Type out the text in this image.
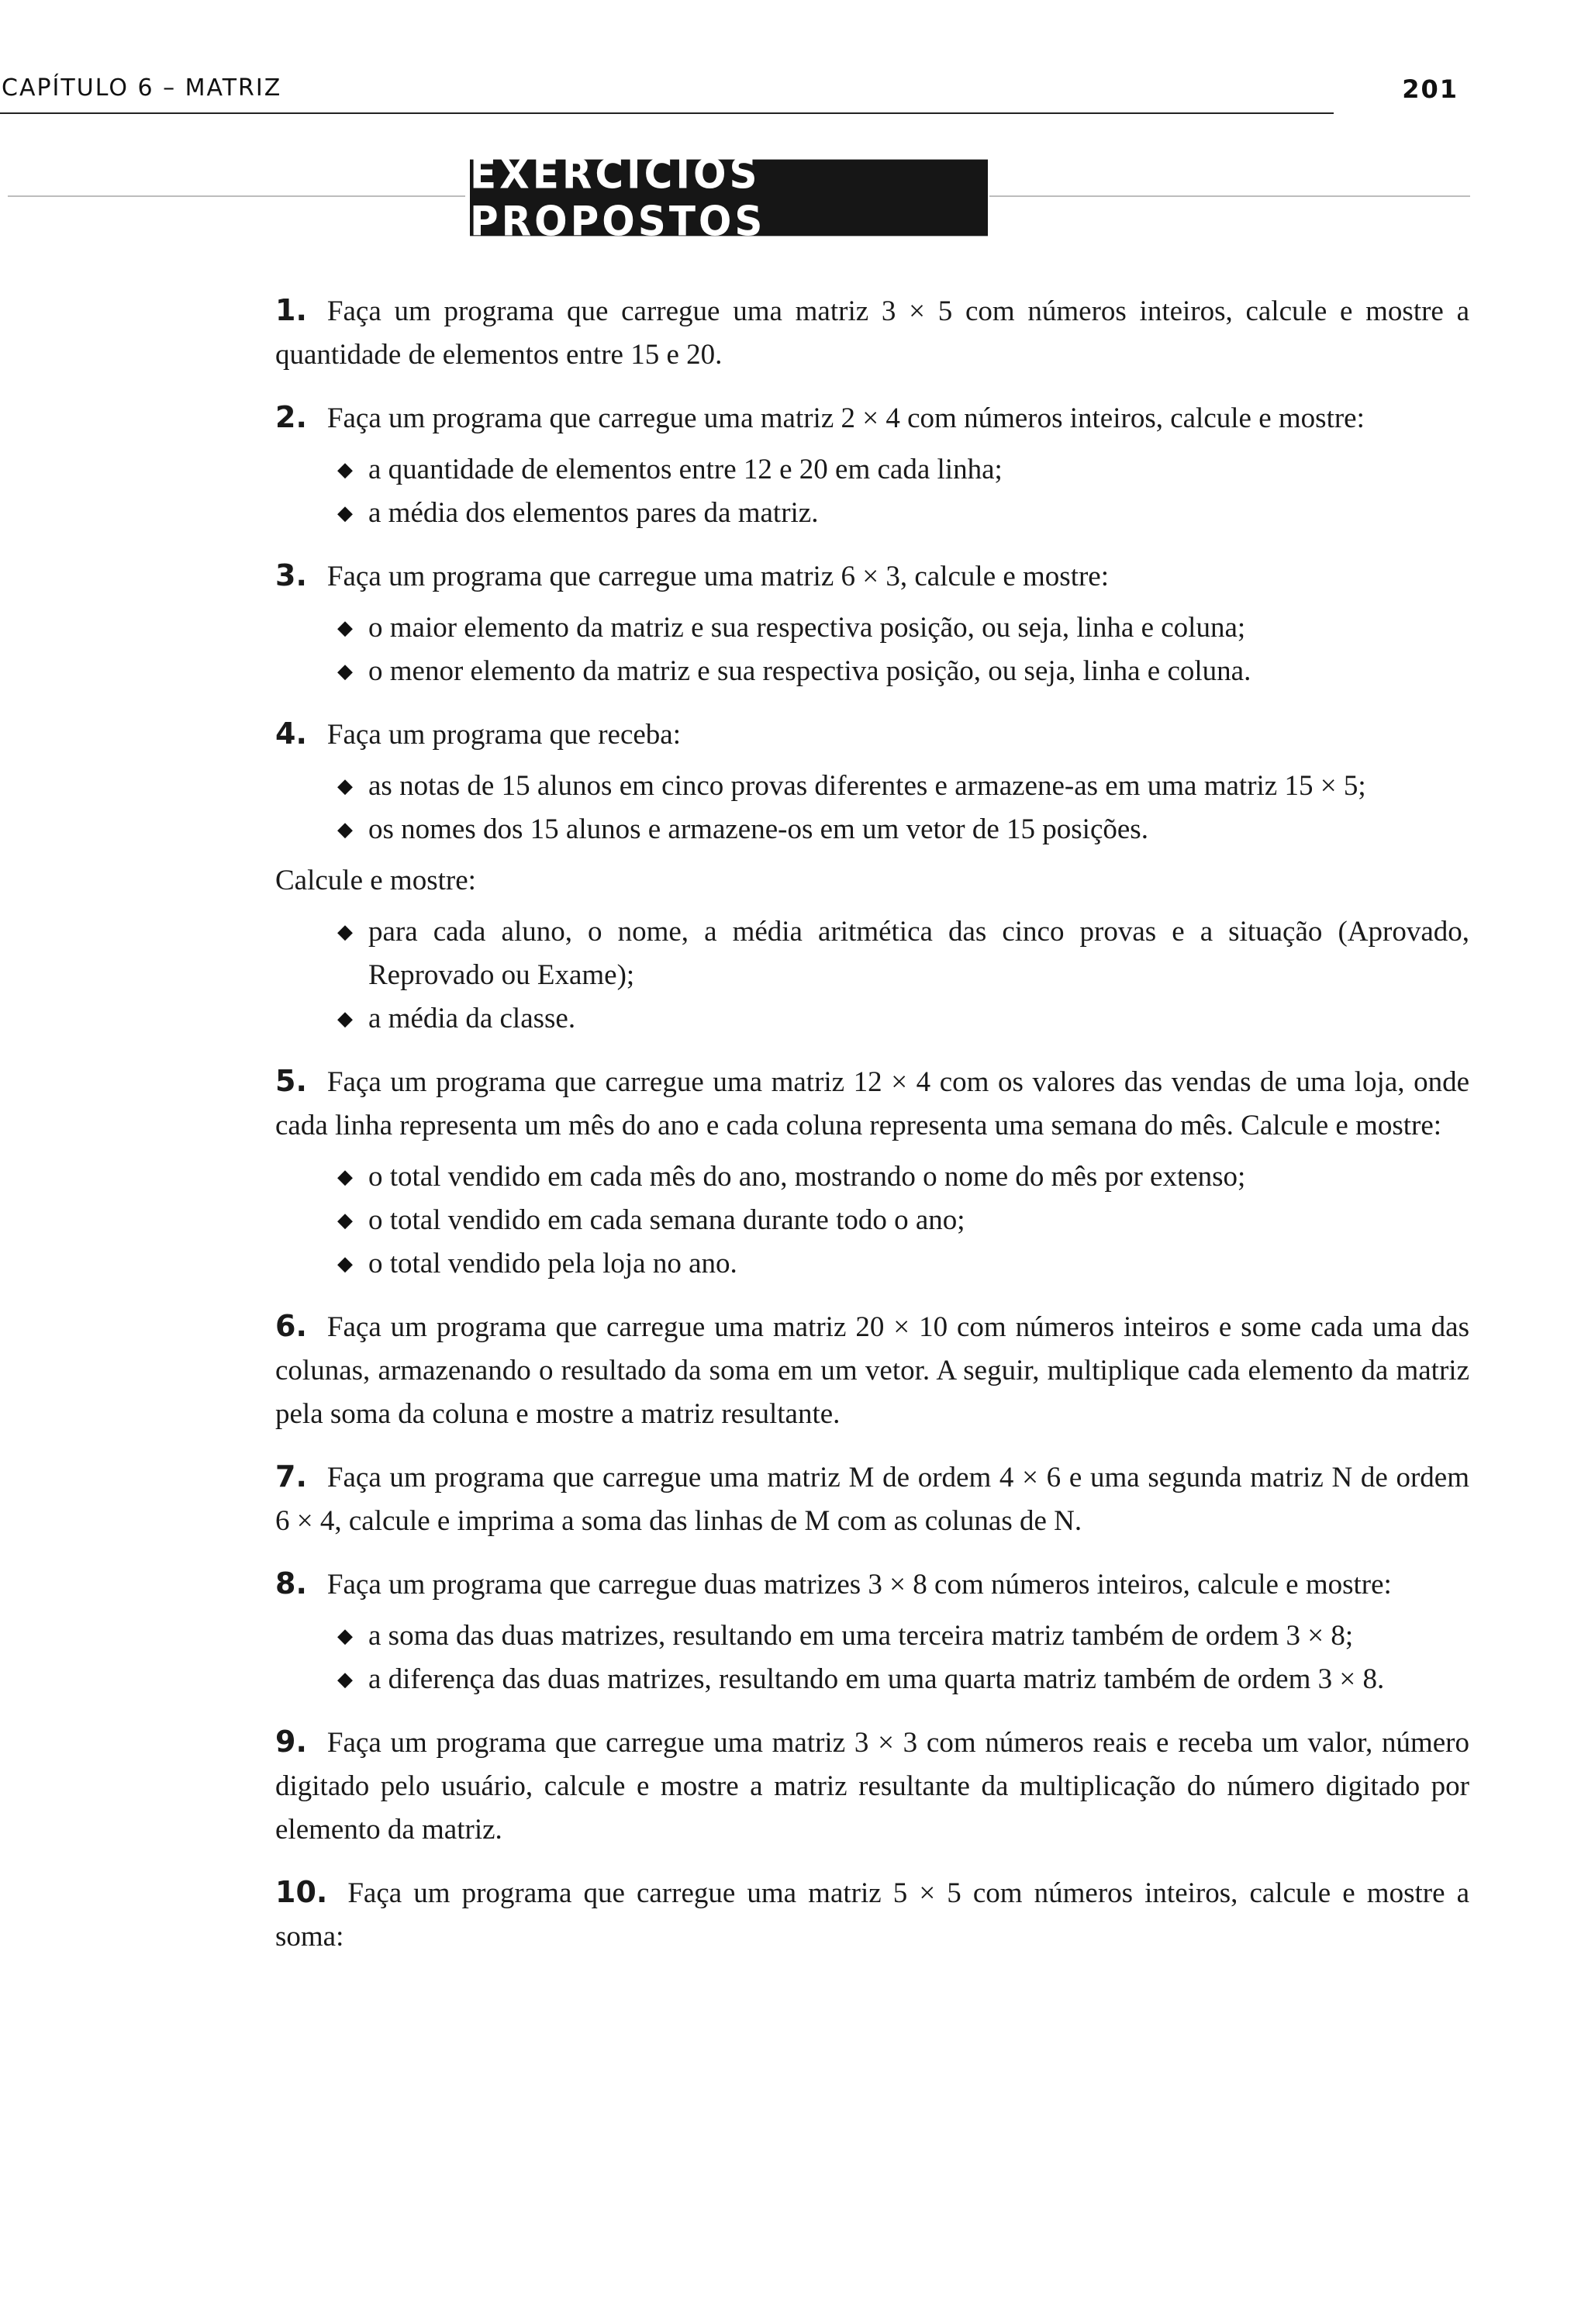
CAPÍTULO 6 – MATRIZ	201
EXERCÍCIOS PROPOSTOS

1. Faça um programa que carregue uma matriz 3 × 5 com números inteiros, calcule e mostre a quantidade de elementos entre 15 e 20.

2. Faça um programa que carregue uma matriz 2 × 4 com números inteiros, calcule e mostre:

◆ a quantidade de elementos entre 12 e 20 em cada linha;
◆ a média dos elementos pares da matriz.

3. Faça um programa que carregue uma matriz 6 × 3, calcule e mostre:

◆ o maior elemento da matriz e sua respectiva posição, ou seja, linha e coluna;
◆ o menor elemento da matriz e sua respectiva posição, ou seja, linha e coluna.

4. Faça um programa que receba:

◆ as notas de 15 alunos em cinco provas diferentes e armazene-as em uma matriz 15 × 5;
◆ os nomes dos 15 alunos e armazene-os em um vetor de 15 posições.

Calcule e mostre:

◆ para cada aluno, o nome, a média aritmética das cinco provas e a situação (Aprovado, Reprovado ou Exame);
◆ a média da classe.

5. Faça um programa que carregue uma matriz 12 × 4 com os valores das vendas de uma loja, onde cada linha representa um mês do ano e cada coluna representa uma semana do mês. Calcule e mostre:

◆ o total vendido em cada mês do ano, mostrando o nome do mês por extenso;
◆ o total vendido em cada semana durante todo o ano;
◆ o total vendido pela loja no ano.

6. Faça um programa que carregue uma matriz 20 × 10 com números inteiros e some cada uma das colunas, armazenando o resultado da soma em um vetor. A seguir, multiplique cada elemento da matriz pela soma da coluna e mostre a matriz resultante.

7. Faça um programa que carregue uma matriz M de ordem 4 × 6 e uma segunda matriz N de ordem 6 × 4, calcule e imprima a soma das linhas de M com as colunas de N.

8. Faça um programa que carregue duas matrizes 3 × 8 com números inteiros, calcule e mostre:

◆ a soma das duas matrizes, resultando em uma terceira matriz também de ordem 3 × 8;
◆ a diferença das duas matrizes, resultando em uma quarta matriz também de ordem 3 × 8.

9. Faça um programa que carregue uma matriz 3 × 3 com números reais e receba um valor, número digitado pelo usuário, calcule e mostre a matriz resultante da multiplicação do número digitado por elemento da matriz.

10. Faça um programa que carregue uma matriz 5 × 5 com números inteiros, calcule e mostre a soma:
